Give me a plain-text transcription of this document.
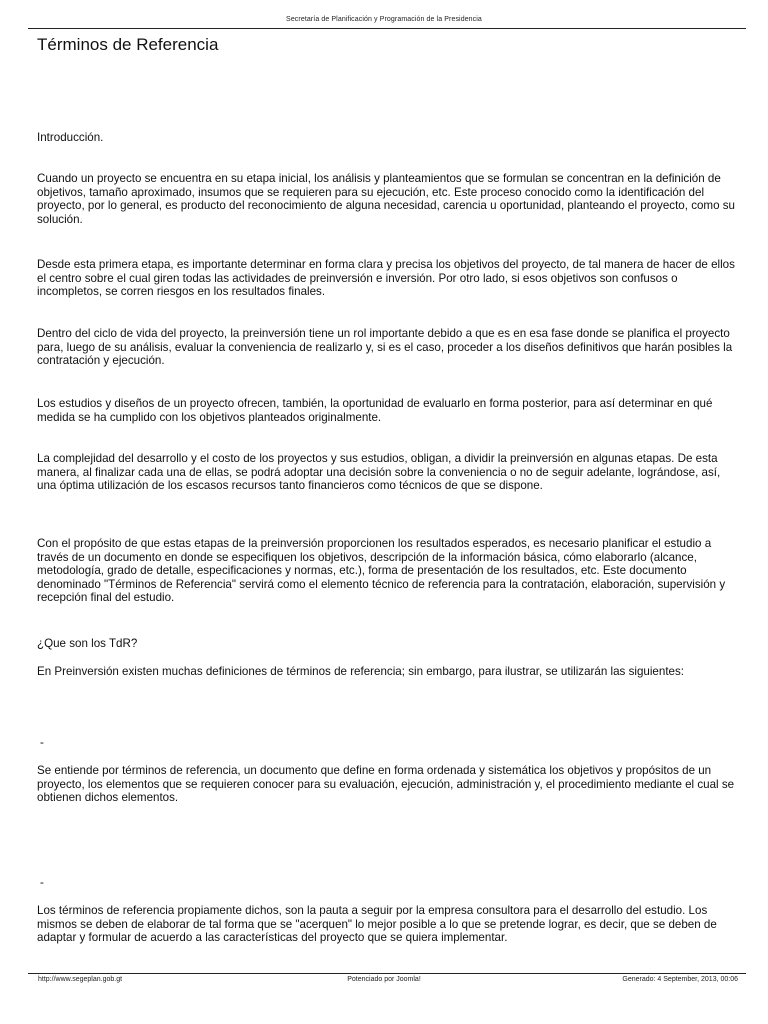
Secretaría de Planificación y Programación de la Presidencia
Términos de Referencia

Introducción.

Cuando un proyecto se encuentra en su etapa inicial, los análisis y planteamientos que se formulan se concentran en la definición de objetivos, tamaño aproximado, insumos que se requieren para su ejecución, etc. Este proceso conocido como la identificación del proyecto, por lo general, es producto del reconocimiento de alguna necesidad, carencia u oportunidad, planteando el proyecto, como su solución.

Desde esta primera etapa, es importante determinar en forma clara y precisa los objetivos del proyecto, de tal manera de hacer de ellos el centro sobre el cual giren todas las actividades de preinversión e inversión. Por otro lado, si esos objetivos son confusos o incompletos, se corren riesgos en los resultados finales.

Dentro del ciclo de vida del proyecto, la preinversión tiene un rol importante debido a que es en esa fase donde se planifica el proyecto para, luego de su análisis, evaluar la conveniencia de realizarlo y, si es el caso, proceder a los diseños definitivos que harán posibles la contratación y ejecución.

Los estudios y diseños de un proyecto ofrecen, también, la oportunidad de evaluarlo en forma posterior, para así determinar en qué medida se ha cumplido con los objetivos planteados originalmente.

La complejidad del desarrollo y el costo de los proyectos y sus estudios, obligan, a dividir la preinversión en algunas etapas. De esta manera, al finalizar cada una de ellas, se podrá adoptar una decisión sobre la conveniencia o no de seguir adelante, lográndose, así, una óptima utilización de los escasos recursos tanto financieros como técnicos de que se dispone.

Con el propósito de que estas etapas de la preinversión proporcionen los resultados esperados, es necesario planificar el estudio a través de un documento en donde se especifiquen los objetivos, descripción de la información básica, cómo elaborarlo (alcance, metodología, grado de detalle, especificaciones y normas, etc.), forma de presentación de los resultados, etc. Este documento denominado "Términos de Referencia" servirá como el elemento técnico de referencia para la contratación, elaboración, supervisión y recepción final del estudio.

¿Que son los TdR?

En Preinversión existen muchas definiciones de términos de referencia; sin embargo, para ilustrar, se utilizarán las siguientes:

-

Se entiende por términos de referencia, un documento que define en forma ordenada y sistemática los objetivos y propósitos de un proyecto, los elementos que se requieren conocer para su evaluación, ejecución, administración y, el procedimiento mediante el cual se obtienen dichos elementos.

-

Los términos de referencia propiamente dichos, son la pauta a seguir por la empresa consultora para el desarrollo del estudio. Los mismos se deben de elaborar de tal forma que se "acerquen" lo mejor posible a lo que se pretende lograr, es decir, que se deben de adaptar y formular de acuerdo a las características del proyecto que se quiera implementar.

http://www.segeplan.gob.gt	Potenciado por Joomla!	Generado: 4 September, 2013, 00:06
